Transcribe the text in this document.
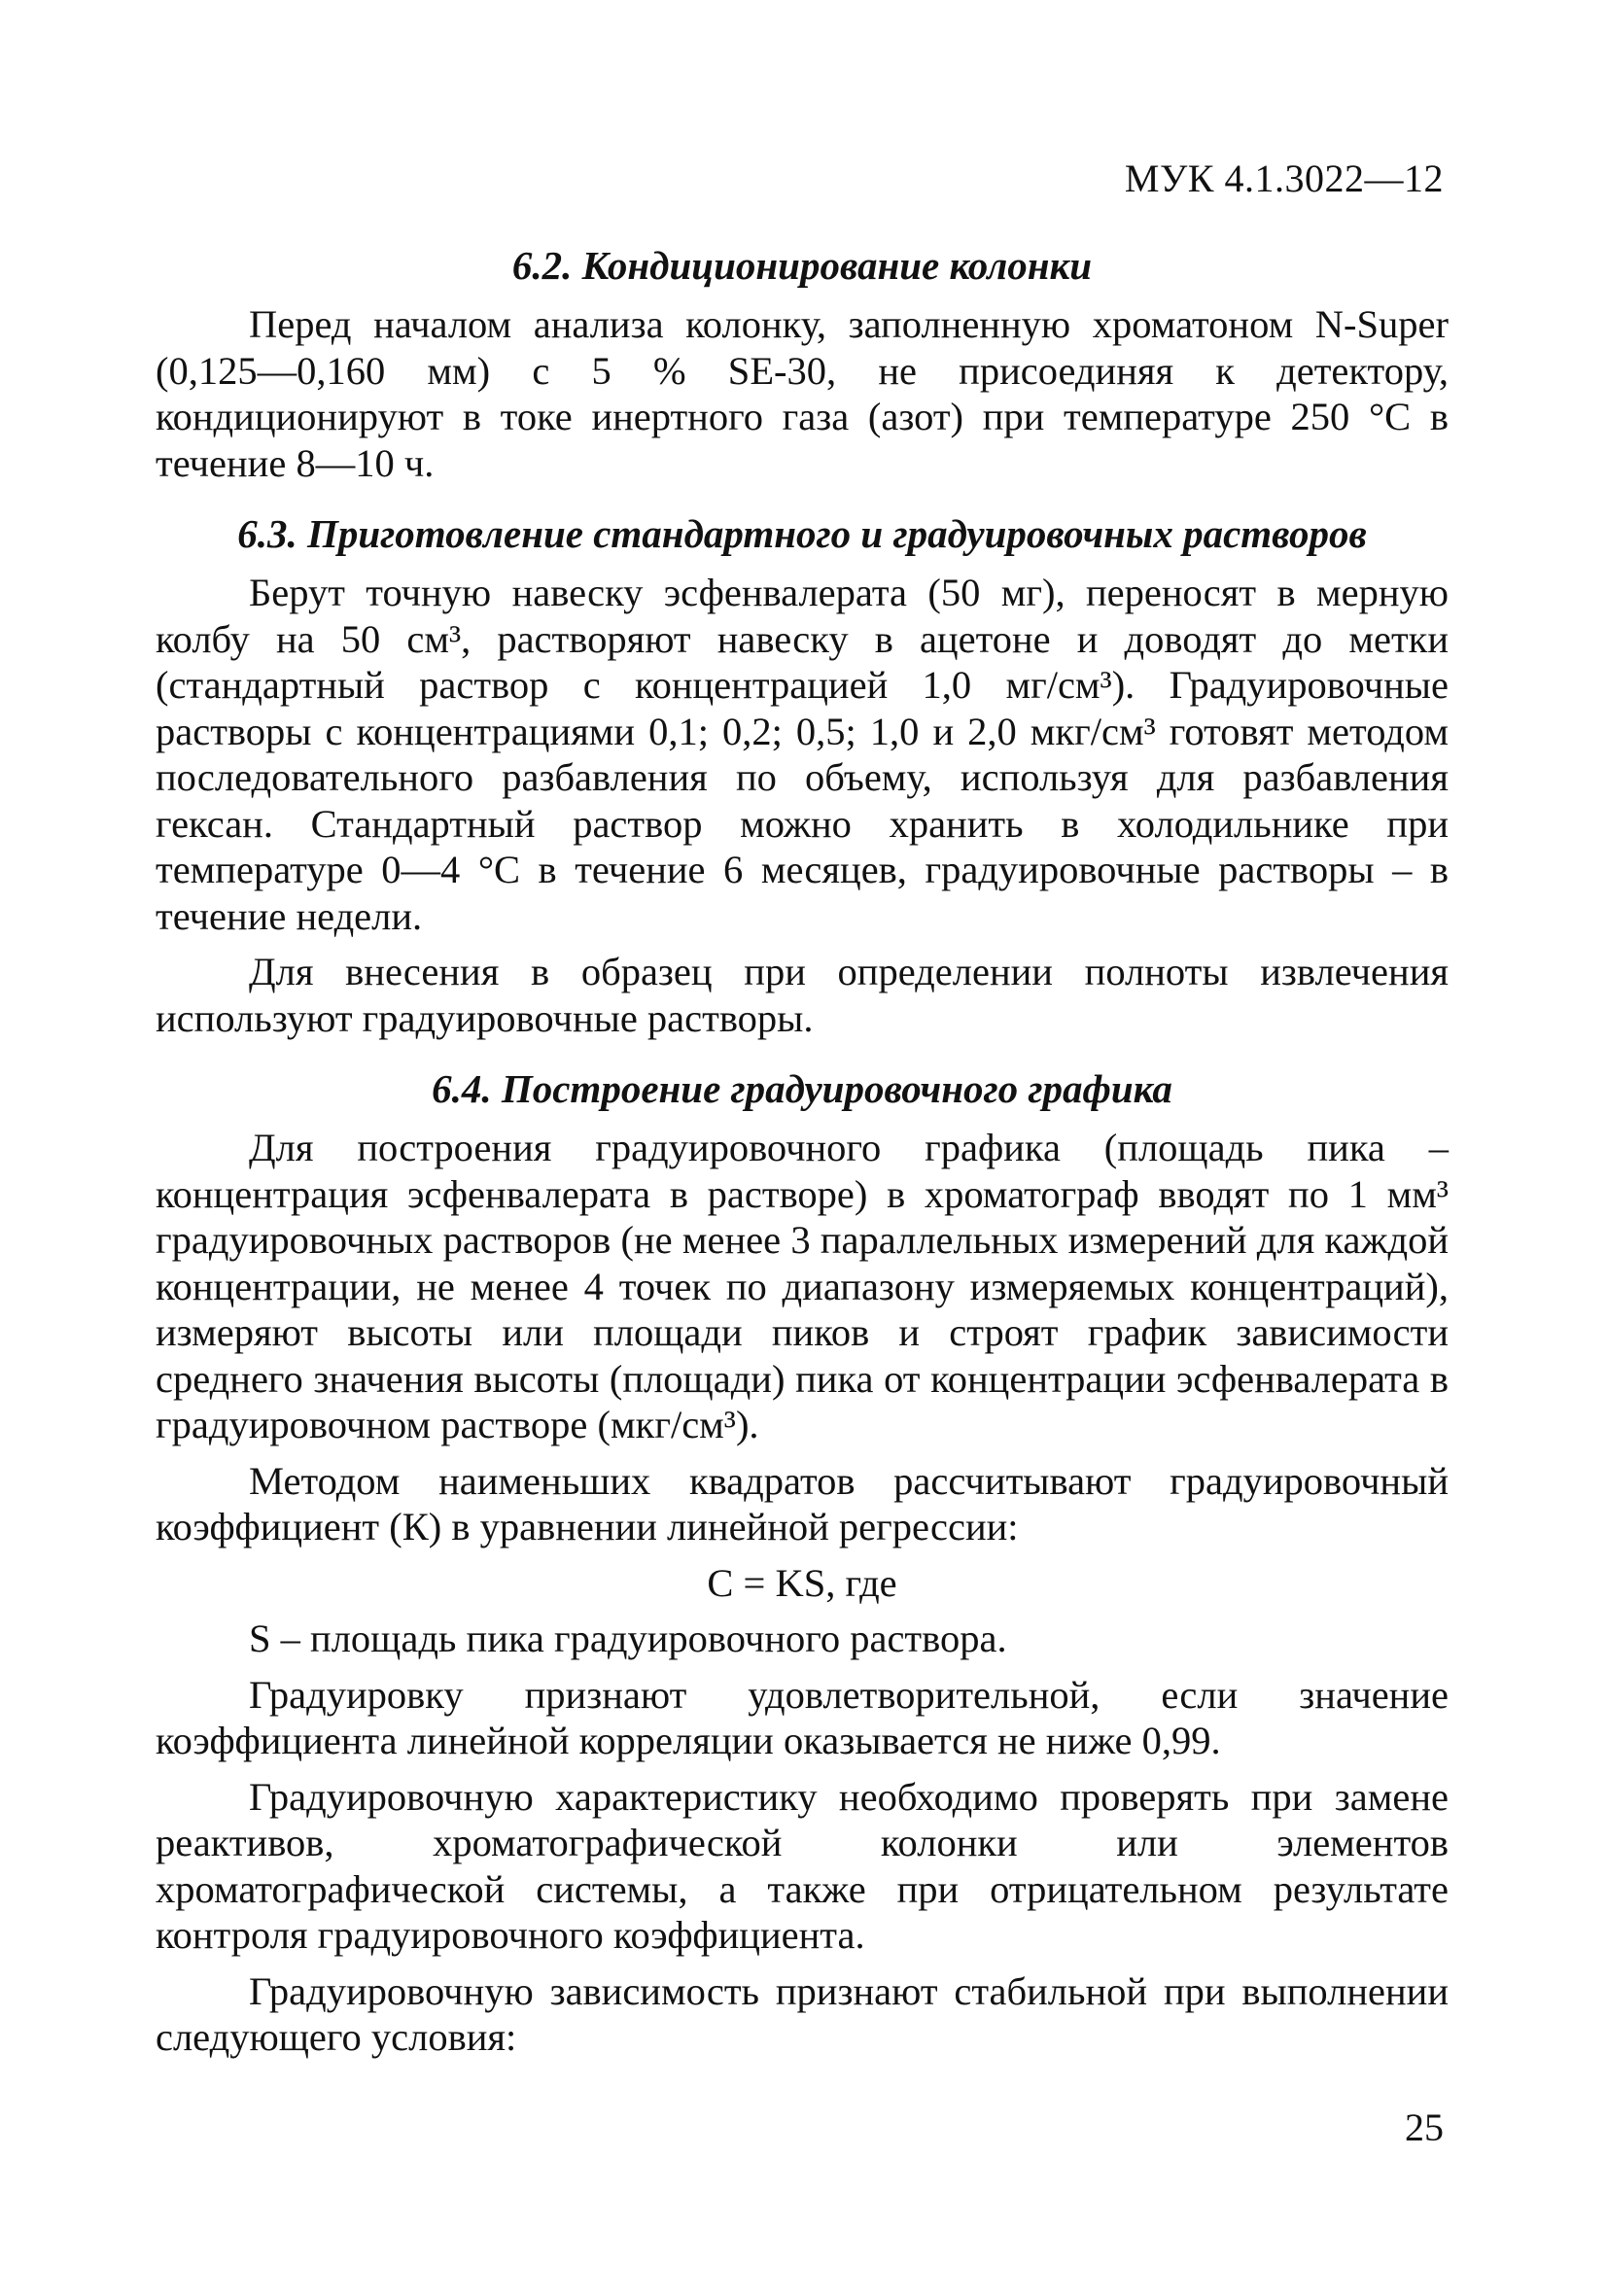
МУК 4.1.3022—12
6.2. Кондиционирование колонки

Перед началом анализа колонку, заполненную хроматоном N-Super (0,125—0,160 мм) с 5 % SE-30, не присоединяя к детектору, кондиционируют в токе инертного газа (азот) при температуре 250 °С в течение 8—10 ч.

6.3. Приготовление стандартного и градуировочных растворов

Берут точную навеску эсфенвалерата (50 мг), переносят в мерную колбу на 50 см³, растворяют навеску в ацетоне и доводят до метки (стандартный раствор с концентрацией 1,0 мг/см³). Градуировочные растворы с концентрациями 0,1; 0,2; 0,5; 1,0 и 2,0 мкг/см³ готовят методом последовательного разбавления по объему, используя для разбавления гексан. Стандартный раствор можно хранить в холодильнике при температуре 0—4 °С в течение 6 месяцев, градуировочные растворы – в течение недели.

Для внесения в образец при определении полноты извлечения используют градуировочные растворы.

6.4. Построение градуировочного графика

Для построения градуировочного графика (площадь пика – концентрация эсфенвалерата в растворе) в хроматограф вводят по 1 мм³ градуировочных растворов (не менее 3 параллельных измерений для каждой концентрации, не менее 4 точек по диапазону измеряемых концентраций), измеряют высоты или площади пиков и строят график зависимости среднего значения высоты (площади) пика от концентрации эсфенвалерата в градуировочном растворе (мкг/см³).

Методом наименьших квадратов рассчитывают градуировочный коэффициент (К) в уравнении линейной регрессии:

C = KS, где

S – площадь пика градуировочного раствора.

Градуировку признают удовлетворительной, если значение коэффициента линейной корреляции оказывается не ниже 0,99.

Градуировочную характеристику необходимо проверять при замене реактивов, хроматографической колонки или элементов хроматографической системы, а также при отрицательном результате контроля градуировочного коэффициента.

Градуировочную зависимость признают стабильной при выполнении следующего условия:

25
